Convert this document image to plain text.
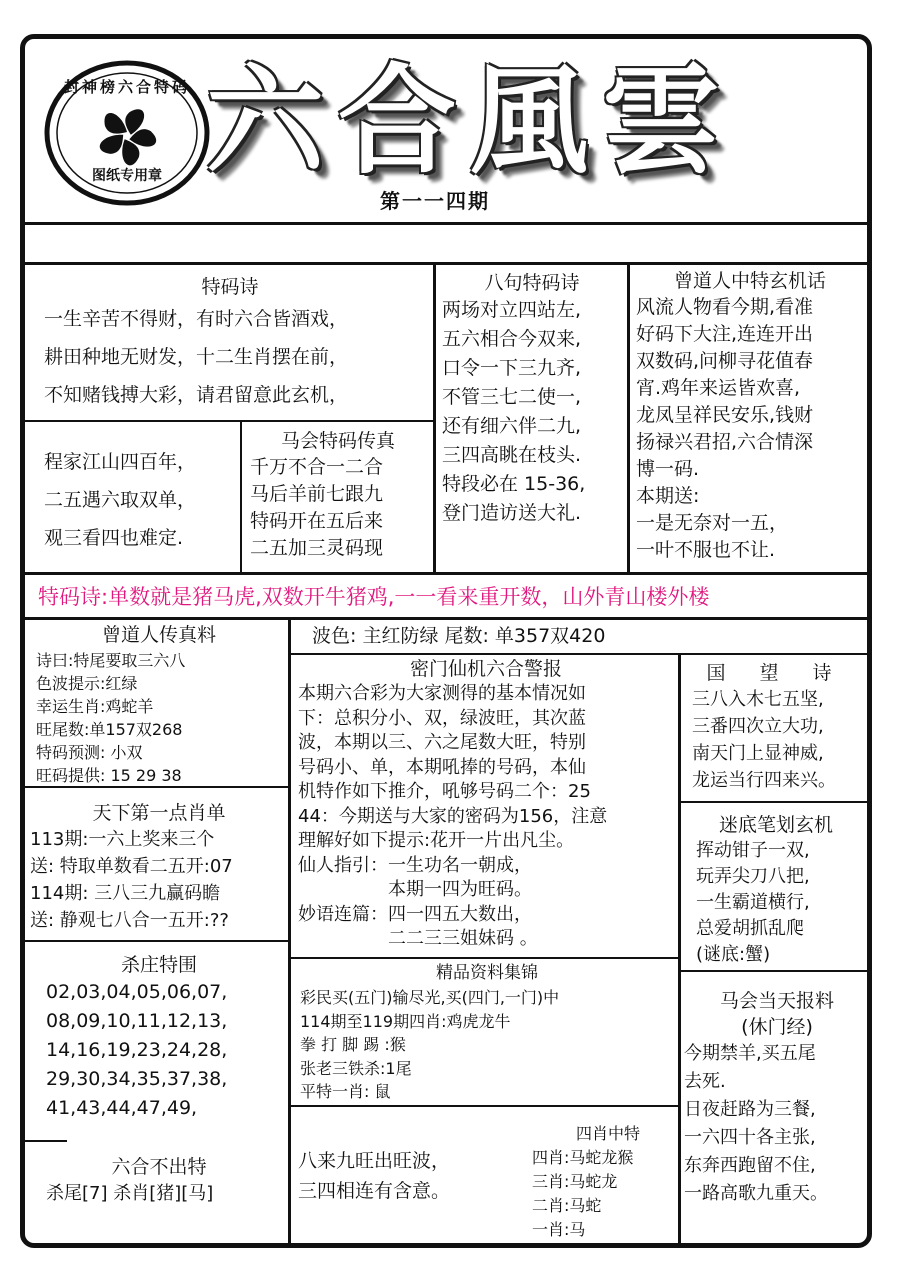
图纸专用章
封神榜六合特码 六合風雲
第一一四期
特码诗
一生辛苦不得财，有时六合皆酒戏，
耕田种地无财发，十二生肖摆在前，
不知赌钱搏大彩，请君留意此玄机，
程家江山四百年，
二五遇六取双单，
观三看四也难定.
马会特码传真
千万不合一二合
马后羊前七跟九
特码开在五后来
二五加三灵码现
八句特码诗
两场对立四站左,
五六相合今双来,
口令一下三九齐,
不管三七二使一,
还有细六伴二九,
三四高眺在枝头.
特段必在 15-36,
登门造访送大礼.
曾道人中特玄机话
风流人物看今期,看准
好码下大注,连连开出
双数码,问柳寻花值春
宵.鸡年来运皆欢喜,
龙凤呈祥民安乐,钱财
扬禄兴君招,六合情深
博一码.
本期送:
一是无奈对一五，
一叶不服也不让.
特码诗:单数就是猪马虎,双数开牛猪鸡,一一看来重开数，山外青山楼外楼
曾道人传真料
诗曰:特尾要取三六八
色波提示:红绿
幸运生肖:鸡蛇羊
旺尾数:单157双268
特码预测: 小双
旺码提供: 15 29 38
波色: 主红防绿 尾数: 单357双420
密门仙机六合警报
本期六合彩为大家测得的基本情况如
下：总积分小、双，绿波旺，其次蓝
波，本期以三、六之尾数大旺，特别
号码小、单，本期吼捧的号码，本仙
机特作如下推介，吼够号码二个：25
44：今期送与大家的密码为156，注意
理解好如下提示:花开一片出凡尘。
仙人指引：一生功名一朝成，
　　　　　本期一四为旺码。
妙语连篇：四一四五大数出，
　　　　　二二三三姐妹码 。
国 望 诗
三八入木七五坚,
三番四次立大功,
南天门上显神威,
龙运当行四来兴。
天下第一点肖单
113期:一六上奖来三个
送: 特取单数看二五开:07
114期: 三八三九赢码瞻
送: 静观七八合一五开:??
迷底笔划玄机
挥动钳子一双,
玩弄尖刀八把,
一生霸道横行,
总爱胡抓乱爬
(谜底:蟹)
杀庄特围
02,03,04,05,06,07,
08,09,10,11,12,13,
14,16,19,23,24,28,
29,30,34,35,37,38,
41,43,44,47,49,
精品资料集锦
彩民买(五门)输尽光,买(四门,一门)中
114期至119期四肖:鸡虎龙牛
拳 打 脚 踢 :猴
张老三铁杀:1尾
平特一肖: 鼠
马会当天报料
(休门经)
今期禁羊,买五尾
去死.
日夜赶路为三餐,
一六四十各主张,
东奔西跑留不住,
一路高歌九重天。
六合不出特
杀尾[7] 杀肖[猪][马]
八来九旺出旺波，
三四相连有含意。
四肖中特
四肖:马蛇龙猴
三肖:马蛇龙
二肖:马蛇
一肖:马
